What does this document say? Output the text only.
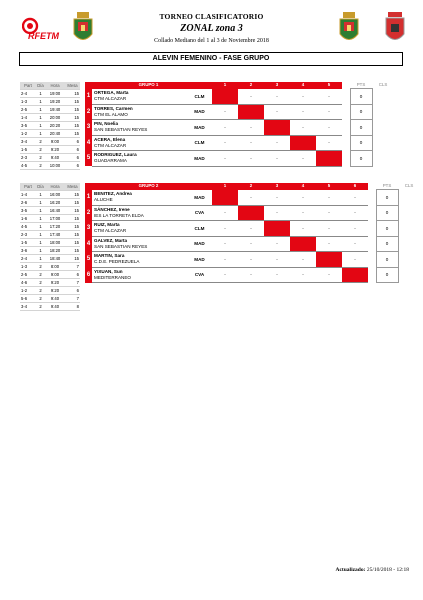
RFETM
TORNEO CLASIFICATORIO
ZONAL zona 3
Collado Mediano del 1 al 3 de Noviembre 2018
ALEVIN FEMENINO - FASE GRUPO
Part	Día	Hora	Mesa
2-4	1	19:00	15
1-3	1	19:20	15
2-5	1	19:40	15
1-4	1	20:00	15
3-5	1	20:20	15
1-2	1	20:40	15
3-4	2	9:00	6
1-5	2	9:20	6
2-3	2	9:40	6
4-5	2	10:00	6
GRUPO 1			1	2	3	4	5		PTS	CLS
1	ORTEGA, Marta
CTM ALCAZAR	CLM		-	-	-	-		0	
2	TORRES, Carmen
CTM EL ALAMO	MAD	-		-	-	-		0	
3	PIN, Noelia
SAN SEBASTIAN REYES	MAD	-	-		-	-		0	
4	ACERA, Elena
CTM ALCAZAR	CLM	-	-	-		-		0	
5	RODRIGUEZ, Laura
GUADARRAMA	MAD	-	-	-	-			0	
Part	Día	Hora	Mesa
1-4	1	16:00	15
2-6	1	16:20	15
3-5	1	16:40	15
1-6	1	17:00	15
4-5	1	17:20	15
2-3	1	17:40	15
1-5	1	18:00	15
3-6	1	18:20	15
2-4	1	18:40	15
1-3	2	8:00	7
2-5	2	9:00	6
4-6	2	9:20	7
1-2	2	9:20	6
5-6	2	9:40	7
3-4	2	9:40	8
GRUPO 2			1	2	3	4	5	6		PTS	CLS
1	BENITEZ, Andrea
ALUCHE	MAD		-	-	-	-	-		0	
2	SÁNCHEZ, Irene
IES LA TORRETA ELDA	CVA	-		-	-	-	-		0	
3	RUIZ, Marta
CTM ALCAZAR	CLM	-	-		-	-	-		0	
4	GALVEZ, Marta
SAN SEBASTIAN REYES	MAD	-	-	-		-	-		0	
5	MARTIN, Sara
C.D.E. PEDREZUELA	MAD	-	-	-	-		-		0	
6	YIXUAN, Sun
MEDITERRANEO	CVA	-	-	-	-	-			0	
Actualizado: 25/10/2018 - 12:18
